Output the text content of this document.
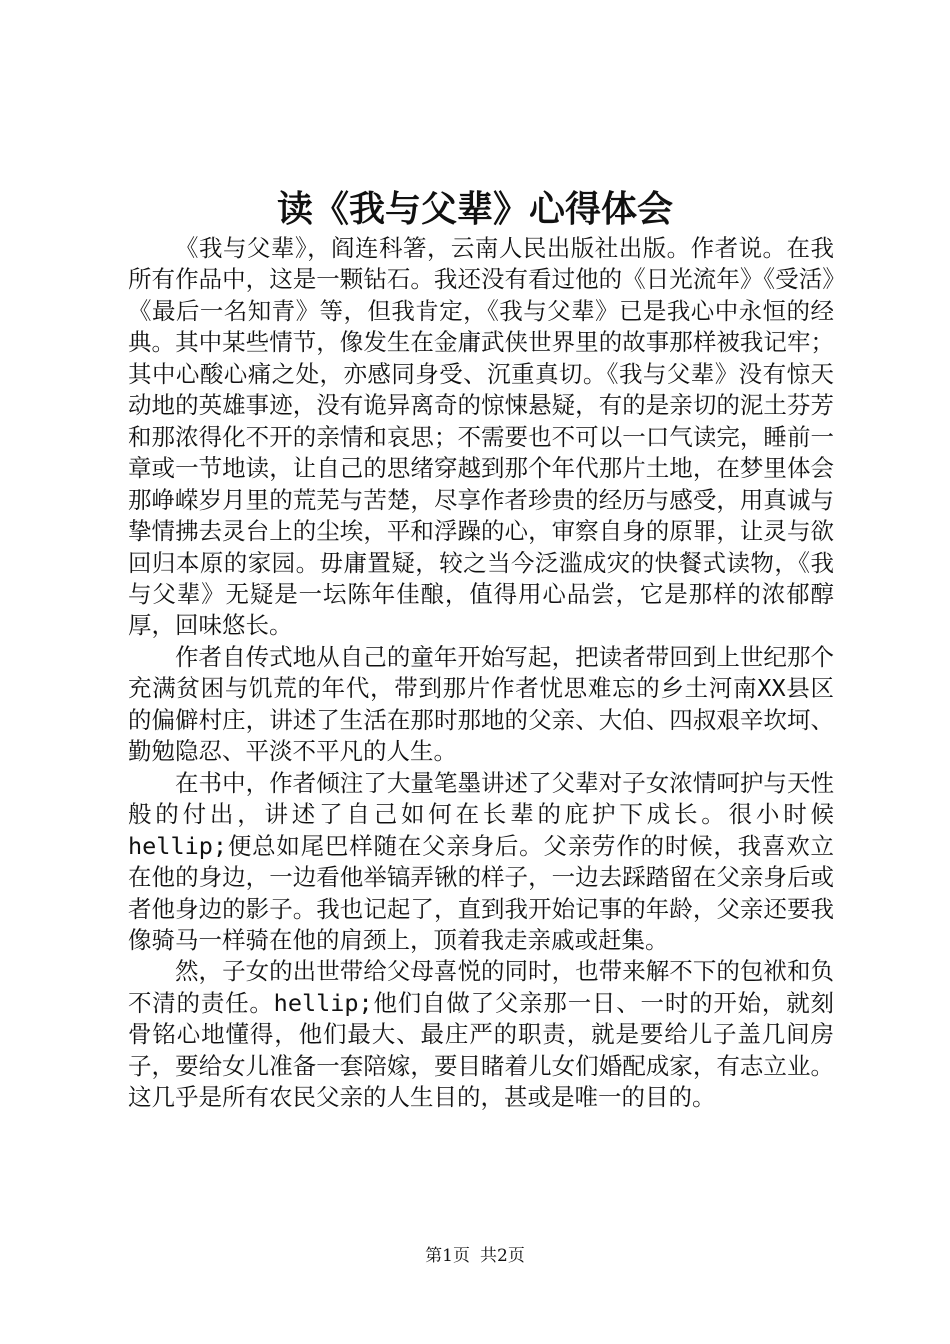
读《我与父辈》心得体会

《我与父辈》，阎连科箸，云南人民出版社出版。作者说。在我所有作品中，这是一颗钻石。我还没有看过他的《日光流年》《受活》《最后一名知青》等，但我肯定，《我与父辈》已是我心中永恒的经典。其中某些情节，像发生在金庸武侠世界里的故事那样被我记牢；其中心酸心痛之处，亦感同身受、沉重真切。《我与父辈》没有惊天动地的英雄事迹，没有诡异离奇的惊悚悬疑，有的是亲切的泥土芬芳和那浓得化不开的亲情和哀思；不需要也不可以一口气读完，睡前一章或一节地读，让自己的思绪穿越到那个年代那片土地，在梦里体会那峥嵘岁月里的荒芜与苦楚，尽享作者珍贵的经历与感受，用真诚与挚情拂去灵台上的尘埃，平和浮躁的心，审察自身的原罪，让灵与欲回归本原的家园。毋庸置疑，较之当今泛滥成灾的快餐式读物，《我与父辈》无疑是一坛陈年佳酿，值得用心品尝，它是那样的浓郁醇厚，回味悠长。

作者自传式地从自己的童年开始写起，把读者带回到上世纪那个充满贫困与饥荒的年代，带到那片作者忧思难忘的乡土河南XX县区的偏僻村庄，讲述了生活在那时那地的父亲、大伯、四叔艰辛坎坷、勤勉隐忍、平淡不平凡的人生。

在书中，作者倾注了大量笔墨讲述了父辈对子女浓情呵护与天性般的付出，讲述了自己如何在长辈的庇护下成长。很小时候hellip;便总如尾巴样随在父亲身后。父亲劳作的时候，我喜欢立在他的身边，一边看他举镐弄锹的样子，一边去踩踏留在父亲身后或者他身边的影子。我也记起了，直到我开始记事的年龄，父亲还要我像骑马一样骑在他的肩颈上，顶着我走亲戚或赶集。

然，子女的出世带给父母喜悦的同时，也带来解不下的包袱和负不清的责任。hellip;他们自做了父亲那一日、一时的开始，就刻骨铭心地懂得，他们最大、最庄严的职责，就是要给儿子盖几间房子，要给女儿准备一套陪嫁，要目睹着儿女们婚配成家，有志立业。这几乎是所有农民父亲的人生目的，甚或是唯一的目的。

第1页 共2页
